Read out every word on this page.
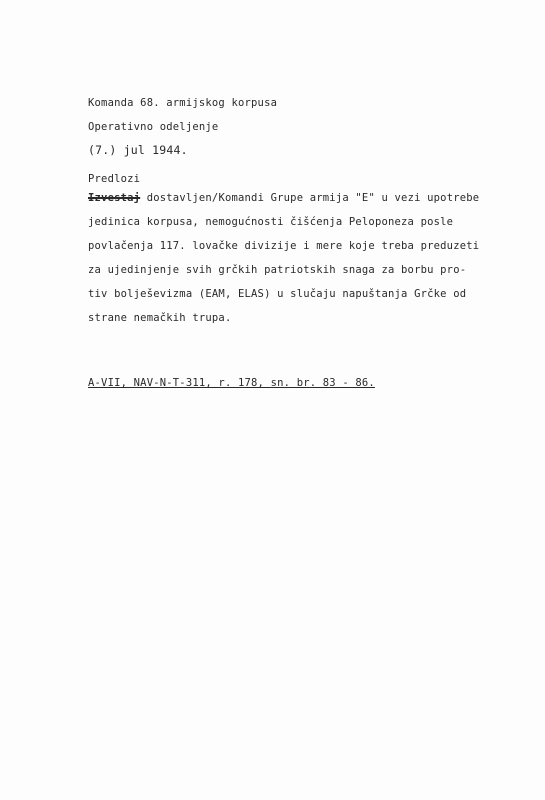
Komanda 68. armijskog korpusa
Operativno odeljenje
(7.) jul 1944.
Predlozi
Izvestaj dostavljen/Komandi Grupe armija "E" u vezi upotrebe
jedinica korpusa, nemogućnosti čišćenja Peloponeza posle
povlačenja 117. lovačke divizije i mere koje treba preduzeti
za ujedinjenje svih grčkih patriotskih snaga za borbu pro-
tiv bolješevizma (EAM, ELAS) u slučaju napuštanja Grčke od
strane nemačkih trupa.
A-VII, NAV-N-T-311, r. 178, sn. br. 83 - 86.
